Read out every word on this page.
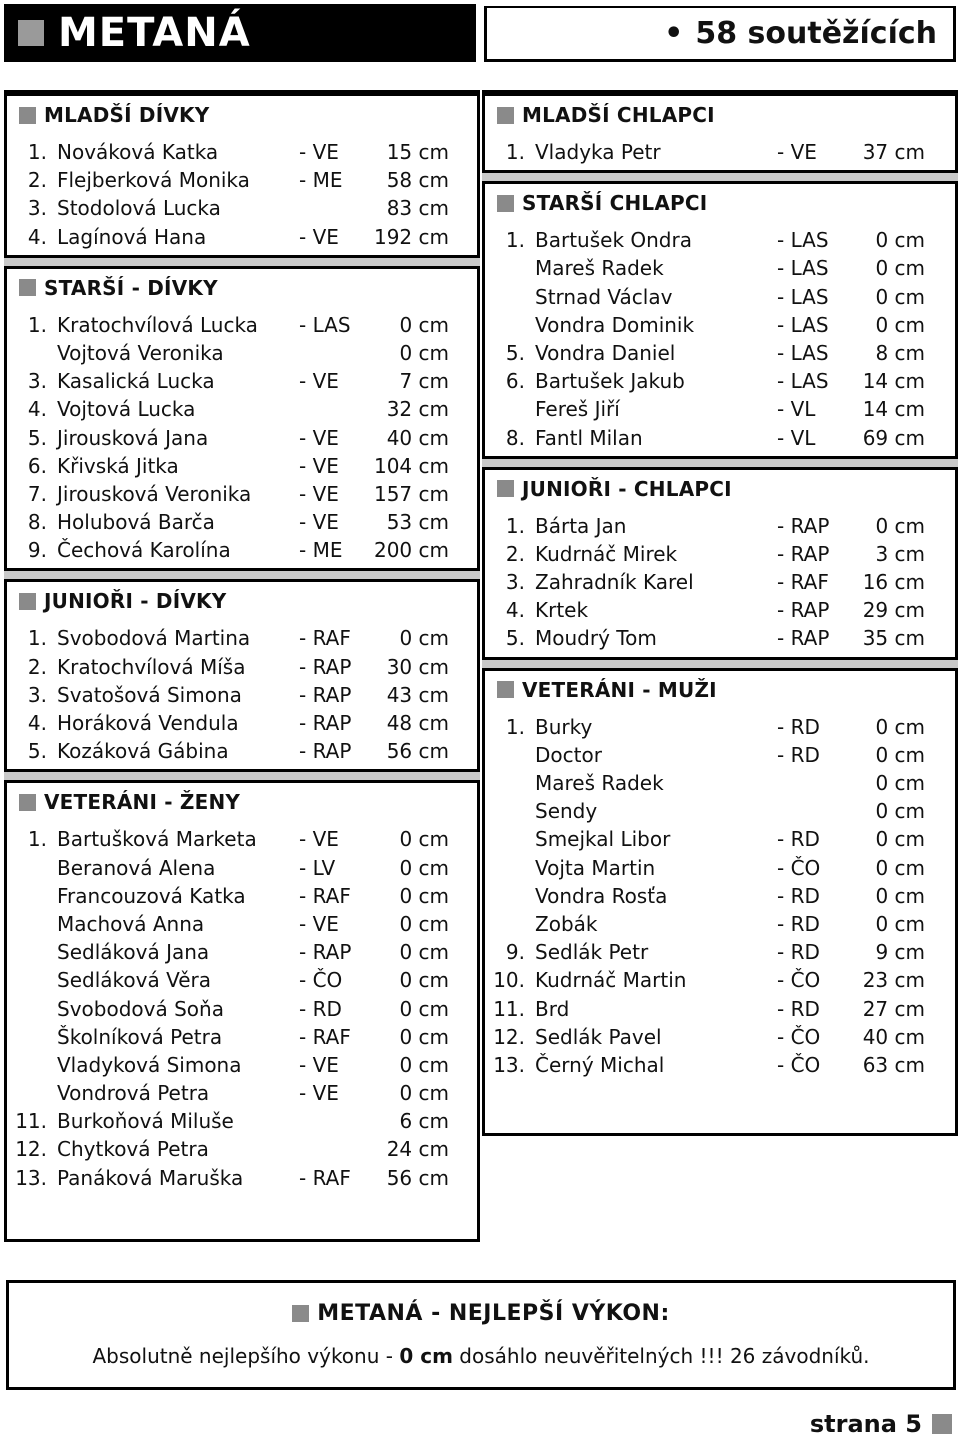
METANÁ	• 58 soutěžících
MLADŠÍ DÍVKY
1. Nováková Katka	- VE 15 cm
2. Flejberková Monika - ME 58 cm
3. Stodolová Lucka	83 cm
4. Lagínová Hana	- VE 192 cm
STARŠÍ - DÍVKY
1. Kratochvílová Lucka - LAS 0 cm
Vojtová Veronika	0 cm
3. Kasalická Lucka	- VE	7 cm
4. Vojtová Lucka	32 cm
5. Jirousková Jana	- VE 40 cm
6. Křivská Jitka	- VE 104 cm
7. Jirousková Veronika - VE 157 cm
8. Holubová Barča	- VE 53 cm
9. Čechová Karolína	- ME 200 cm
JUNIOŘI - DÍVKY
1. Svobodová Martina - RAF 0 cm
2. Kratochvílová Míša	- RAP 30 cm
3. Svatošová Simona	- RAP 43 cm
4. Horáková Vendula	- RAP 48 cm
5. Kozáková Gábina	- RAP 56 cm
VETERÁNI - ŽENY
1. Bartušková Marketa - VE	0 cm
Beranová Alena	- LV	0 cm
Francouzová Katka	- RAF 0 cm
Machová Anna	- VE	0 cm
Sedláková Jana	- RAP 0 cm
Sedláková Věra	- ČO	0 cm
Svobodová Soňa	- RD	0 cm
Školníková Petra	- RAF 0 cm
Vladyková Simona	- VE	0 cm
Vondrová Petra	- VE	0 cm
11. Burkoňová Miluše	6 cm
12. Chytková Petra	24 cm
13. Panáková Maruška	- RAF 56 cm
MLADŠÍ CHLAPCI
1. Vladyka Petr	- VE 37 cm
STARŠÍ CHLAPCI
1. Bartušek Ondra	- LAS 0 cm
Mareš Radek	- LAS 0 cm
Strnad Václav	- LAS 0 cm
Vondra Dominik	- LAS 0 cm
5. Vondra Daniel	- LAS 8 cm
6. Bartušek Jakub	- LAS 14 cm
Fereš Jiří	- VL 14 cm
8. Fantl Milan	- VL 69 cm
JUNIOŘI - CHLAPCI
1. Bárta Jan	- RAP 0 cm
2. Kudrnáč Mirek	- RAP 3 cm
3. Zahradník Karel	- RAF 16 cm
4. Krtek	- RAP 29 cm
5. Moudrý Tom	- RAP 35 cm
VETERÁNI - MUŽI
1. Burky	- RD	0 cm
Doctor	- RD	0 cm
Mareš Radek	0 cm
Sendy	0 cm
Smejkal Libor	- RD	0 cm
Vojta Martin	- ČO	0 cm
Vondra Rosťa	- RD	0 cm
Zobák	- RD	0 cm
9. Sedlák Petr	- RD	9 cm
10. Kudrnáč Martin	- ČO 23 cm
11. Brd	- RD 27 cm
12. Sedlák Pavel	- ČO 40 cm
13. Černý Michal	- ČO 63 cm
METANÁ - NEJLEPŠÍ VÝKON:
Absolutně nejlepšího výkonu - 0 cm dosáhlo neuvěřitelných !!! 26 závodníků.
strana 5
